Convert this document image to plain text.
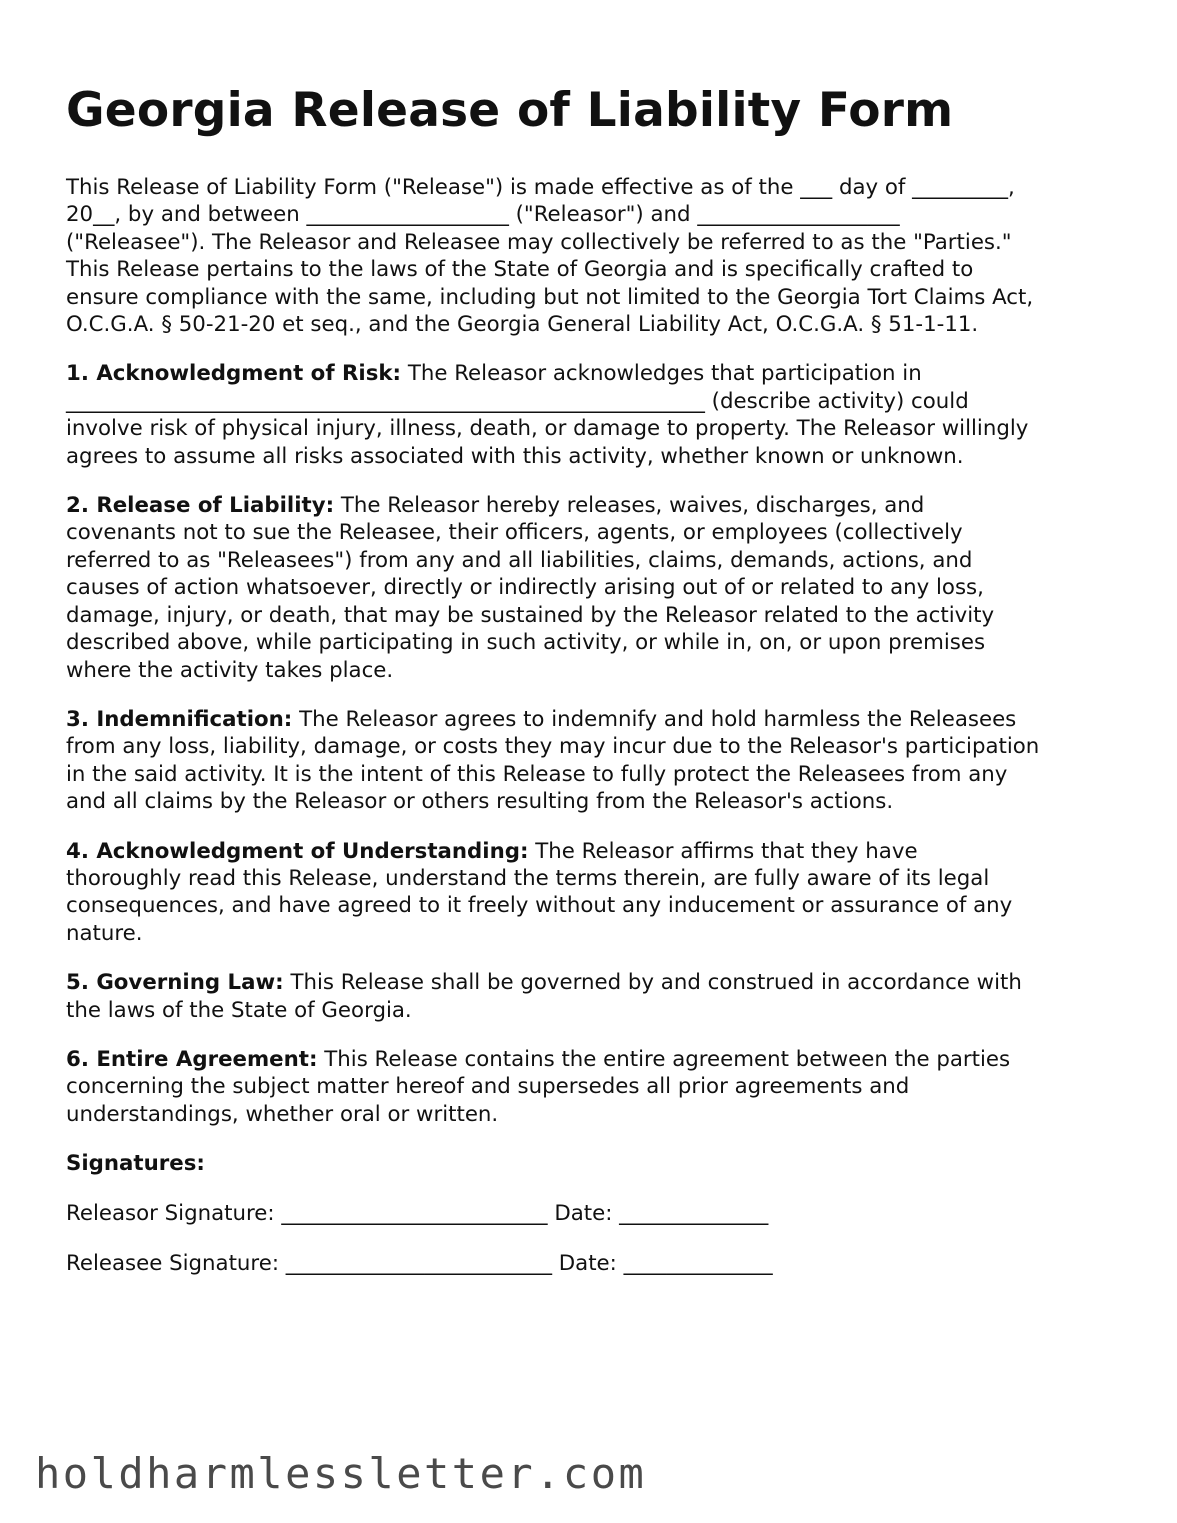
Georgia Release of Liability Form

This Release of Liability Form ("Release") is made effective as of the ___ day of _________,
20__, by and between ___________________ ("Releasor") and ___________________
("Releasee"). The Releasor and Releasee may collectively be referred to as the "Parties."
This Release pertains to the laws of the State of Georgia and is specifically crafted to
ensure compliance with the same, including but not limited to the Georgia Tort Claims Act,
O.C.G.A. § 50-21-20 et seq., and the Georgia General Liability Act, O.C.G.A. § 51-1-11.

1. Acknowledgment of Risk: The Releasor acknowledges that participation in
____________________________________________________________ (describe activity) could
involve risk of physical injury, illness, death, or damage to property. The Releasor willingly
agrees to assume all risks associated with this activity, whether known or unknown.

2. Release of Liability: The Releasor hereby releases, waives, discharges, and
covenants not to sue the Releasee, their officers, agents, or employees (collectively
referred to as "Releasees") from any and all liabilities, claims, demands, actions, and
causes of action whatsoever, directly or indirectly arising out of or related to any loss,
damage, injury, or death, that may be sustained by the Releasor related to the activity
described above, while participating in such activity, or while in, on, or upon premises
where the activity takes place.

3. Indemnification: The Releasor agrees to indemnify and hold harmless the Releasees
from any loss, liability, damage, or costs they may incur due to the Releasor's participation
in the said activity. It is the intent of this Release to fully protect the Releasees from any
and all claims by the Releasor or others resulting from the Releasor's actions.

4. Acknowledgment of Understanding: The Releasor affirms that they have
thoroughly read this Release, understand the terms therein, are fully aware of its legal
consequences, and have agreed to it freely without any inducement or assurance of any
nature.

5. Governing Law: This Release shall be governed by and construed in accordance with
the laws of the State of Georgia.

6. Entire Agreement: This Release contains the entire agreement between the parties
concerning the subject matter hereof and supersedes all prior agreements and
understandings, whether oral or written.

Signatures:

Releasor Signature: _________________________ Date: ______________
Releasee Signature: _________________________ Date: ______________
holdharmlessletter.com
